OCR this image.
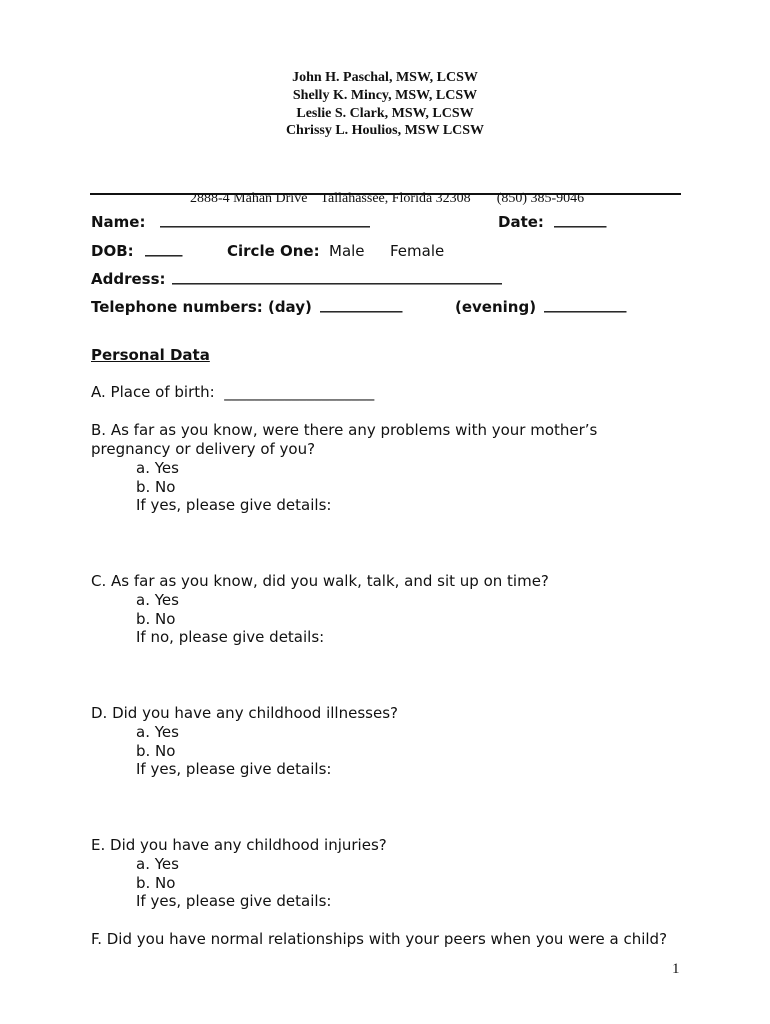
John H. Paschal, MSW, LCSW
Shelly K. Mincy, MSW, LCSW
Leslie S. Clark, MSW, LCSW
Chrissy L. Houlios, MSW LCSW

2888-4 Mahan Drive Tallahassee, Florida 32308 (850) 385-9046

Name: ____________________________	Date: _______
DOB: _____	Circle One: Male Female
Address: ____________________________________________
Telephone numbers: (day) ___________	(evening) ___________
Personal Data
A. Place of birth:  ____________________
B. As far as you know, were there any problems with your mother’s
pregnancy or delivery of you?
a. Yes
b. No
If yes, please give details:
C. As far as you know, did you walk, talk, and sit up on time?
a. Yes
b. No
If no, please give details:
D. Did you have any childhood illnesses?
a. Yes
b. No
If yes, please give details:
E. Did you have any childhood injuries?
a. Yes
b. No
If yes, please give details:
F. Did you have normal relationships with your peers when you were a child?
1
